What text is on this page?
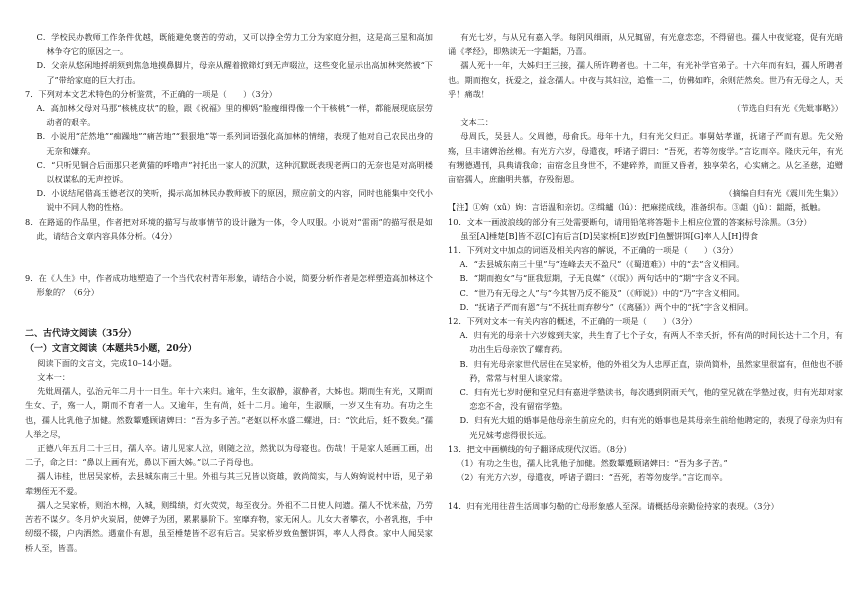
C．学校民办教师工作条件优越，既能避免褒苦的劳动，又可以挣全劳力工分为家庭分担，这是高三星和高加林争夺它的原因之一。

D．父亲从悠闲地捋胡须到焦急地摸鼻脚片，母亲从醒着掀筛灯到无声啜泣，这些变化显示出高加林突然被“下了”带给家庭的巨大打击。

7．下列对本文艺术特色的分析鉴赏，不正确的一项是（　　）（3分）

A．高加林父母对马那“核桃皮状”的脸，跟《祝福》里的柳妈“脸瘦细得像一个干核桃”一样，都能展现底层劳动者的艰辛。

B．小说用“茫然地”“痴躁地”“痛苦地”“狠狠地”等一系列词语强化高加林的情绪，表现了他对自己农民出身的无奈和嫌弃。

C．“只听见铜合后面那只老黄猫的呼噜声”衬托出一家人的沉默，这种沉默既表现老两口的无奈也是对高明楼以权谋私的无声控诉。

D．小说结尾借高玉德老汉的笑听，揭示高加林民办教师被下的原因，照应前文的内容，同时也能集中交代小说中不同人物的性格。

8．在路遥的作品里，作者把对环境的描写与故事情节的设计融为一体，令人叹服。小说对“雷雨”的描写很是如此，请结合文章内容具体分析。（4分）

9．在《人生》中，作者成功地塑造了一个当代农村青年形象，请结合小说，简要分析作者是怎样塑造高加林这个形象的？（6分）

二、古代诗文阅读（35分）

（一）文言文阅读（本题共5小题，20分）

阅读下面的文言文，完成10–14小题。

文本一：

先妣周孺人，弘治元年二月十一日生。年十六来归。逾年，生女淑静，淑静者，大姊也。期而生有光，又期而生女、子，殇一人，期而不育者一人。又逾年，生有尚，妊十二月。逾年，生淑顺，一岁又生有功。有功之生也，孺人比乳他子加健。然数颦蹙顾诸婢曰：“吾为多子苦。”老妪以杯水盛二螺进，曰：“饮此后，妊不数矣。”孺人举之尽，

正德八年五月二十三日，孺人卒。诸儿见家人泣，则随之泣，然犹以为母寝也。伤哉！于是家人延画工画，出二子，命之曰：“鼻以上画有光，鼻以下画大姊。”以二子肖母也。

孺人讳桂，世居吴家桥，去县城东南三十里。外祖与其三兄皆以资雄，敦尚简实，与人姁姁说村中语，见子弟辈甥侄无不爱。

孺人之吴家桥，则治木棉，入城，则缉绩，灯火荧荧，每至夜分。外祖不二日使人问遗。孺人不忧米盐，乃劳苦若不谋夕。冬月炉火炭屑，使婢子为团，累累暴阶下。室靡弃物，家无闲人。儿女大者攀衣，小者乳抱，手中纫缀不辍，户内洒然。遇童仆有恩，虽至棰楚皆不忍有后言。吴家桥岁致鱼蟹饼饵，率人人得食。家中人闻吴家桥人至，皆喜。

有光七岁，与从兄有嘉入学。每阴风细雨，从兄辄留，有光意恋恋，不得留也。孺人中夜觉寝，促有光暗诵《孝经》，即熟读无一字龃龉，乃喜。

孺人死十一年，大姊归王三接，孺人所许聘者也。十二年，有光补学官弟子。十六年而有妇，孺人所聘者也。期而抱女，抚爱之，益念孺人。中夜与其妇泣，追惟一二，仿佛如昨，余则茫然矣。世乃有无母之人，天乎！痛哉！

（节选自归有光《先妣事略》）

文本二：

母周氏，吴县人。父周德，母俞氏。母年十九，归有光父归正。事舅姑孝谨，抚诸子严而有恩。先父殆殇，旦丰诸婢治丝棉。有光方六岁，母遣夜，呼诸子谓曰：“吾死，若等勿废学。”言讫而卒。隆庆元年，有光有甥德遇刊，具典请我命；亩宿念且身世不，不建碎养，而匪又昏者，独享荣名，心实痛之。从乞圣慈，追赠亩宿孺人，庶幽明共慕，存殁衔恩。

（摘编自归有光《震川先生集》）

【注】①姁（xǔ）姁：言语温和亲切。②缉纑（lú）：把麻搓成线，准备织布。③龃（jǔ）：龃龉，抵触。

10．文本一画波浪线的部分有三处需要断句，请用铅笔将答题卡上相应位置的答案标号涂黑。（3分）

虽至[A]棰楚[B]皆不忍[C]有后言[D]吴家桥[E]岁致[F]鱼蟹饼饵[G]率人人[H]得食

11．下列对文中加点的词语及相关内容的解说，不正确的一项是（　　）（3分）

A．“去县城东南三十里”与“连峰去天不盈尺”（《蜀道难》）中的“去”含义相同。

B．“期而抱女”与“匪我愆期，子无良媒”（《氓》）两句话中的“期”字含义不同。

C．“世乃有无母之人”与“今其智乃反不能及”（《师说》）中的“乃”字含义相同。

D．“抚诸子严而有恩”与“不抚壮而弃秽兮”（《离骚》）两个中的“抚”字含义相同。

12．下列对文本一有关内容的概述，不正确的一项是（　　）（3分）

A．归有光的母亲十六岁嫁到夫家，共生育了七个子女，有两人不幸夭折，怀有尚的时间长达十二个月，有功出生后母亲饮了螺育药。

B．归有光母亲家世代居住在吴家桥，他的外祖父为人忠厚正直，崇尚简朴，虽然家里很富有，但他也不骄矜，常常与村里人谈家常。

C．归有光七岁时便和堂兄归有嘉进学塾读书，每次遇到阴雨天气，他的堂兄就在学塾过夜，归有光却对家恋恋不舍，没有留宿学塾。

D．归有光大姐的婚事是他母亲生前应允的，归有光的婚事也是其母亲生前给他聘定的，表现了母亲为归有光兄妹考虑得很长远。

13．把文中画横线的句子翻译成现代汉语。（8分）

（1）有功之生也，孺人比乳他子加健。然数颦蹙顾诸婢曰：“吾为多子苦。”

（2）有光方六岁，母遣夜，呼诸子谓曰：“吾死，若等勿废学。”言讫而卒。

14．归有光用往昔生活周事匀勒的亡母形象感人至深。请概括母亲勤俭持家的表现。（3分）
